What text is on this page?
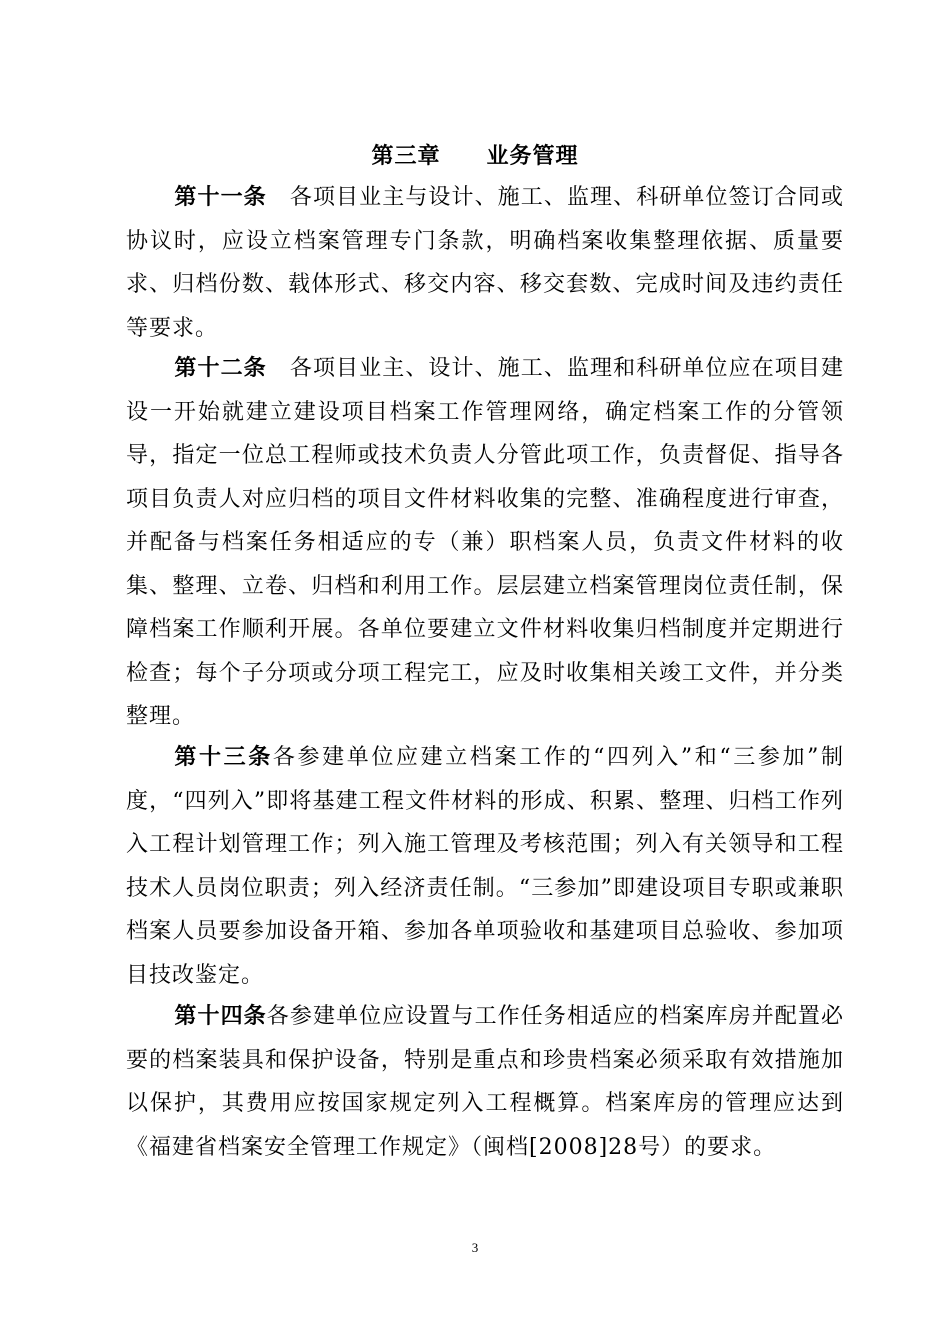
第三章　　业务管理

第十一条　各项目业主与设计、施工、监理、科研单位签订合同或协议时，应设立档案管理专门条款，明确档案收集整理依据、质量要求、归档份数、载体形式、移交内容、移交套数、完成时间及违约责任等要求。

第十二条　各项目业主、设计、施工、监理和科研单位应在项目建设一开始就建立建设项目档案工作管理网络，确定档案工作的分管领导，指定一位总工程师或技术负责人分管此项工作，负责督促、指导各项目负责人对应归档的项目文件材料收集的完整、准确程度进行审查，并配备与档案任务相适应的专（兼）职档案人员，负责文件材料的收集、整理、立卷、归档和利用工作。层层建立档案管理岗位责任制，保障档案工作顺利开展。各单位要建立文件材料收集归档制度并定期进行检查；每个子分项或分项工程完工，应及时收集相关竣工文件，并分类整理。

第十三条各参建单位应建立档案工作的“四列入”和“三参加”制度，“四列入”即将基建工程文件材料的形成、积累、整理、归档工作列入工程计划管理工作；列入施工管理及考核范围；列入有关领导和工程技术人员岗位职责；列入经济责任制。“三参加”即建设项目专职或兼职档案人员要参加设备开箱、参加各单项验收和基建项目总验收、参加项目技改鉴定。

第十四条各参建单位应设置与工作任务相适应的档案库房并配置必要的档案装具和保护设备，特别是重点和珍贵档案必须采取有效措施加以保护，其费用应按国家规定列入工程概算。档案库房的管理应达到《福建省档案安全管理工作规定》（闽档[2008]28号）的要求。

3
